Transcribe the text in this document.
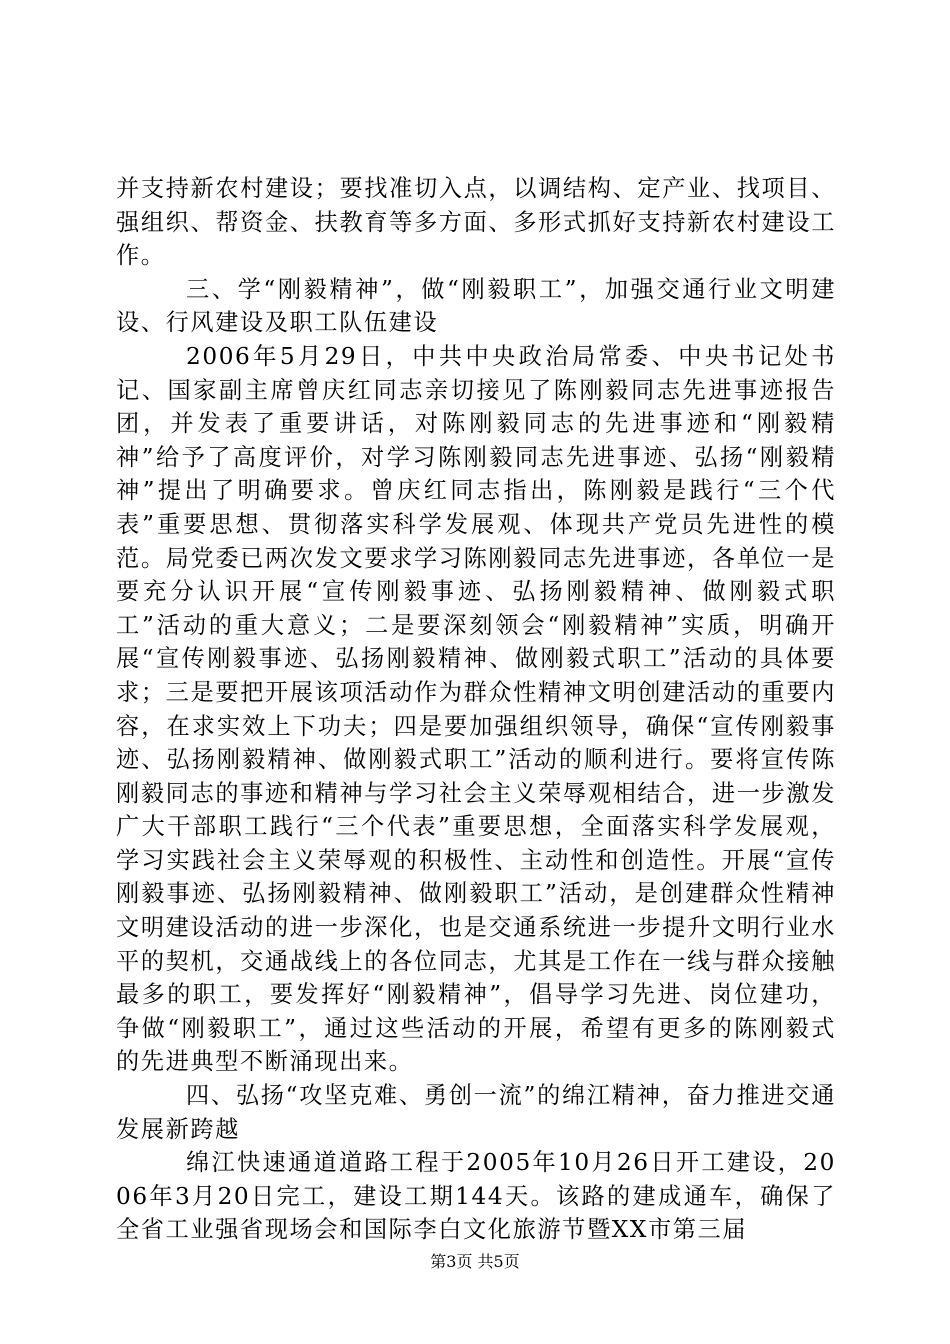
并支持新农村建设；要找准切入点，以调结构、定产业、找项目、强组织、帮资金、扶教育等多方面、多形式抓好支持新农村建设工作。

三、学“刚毅精神”，做“刚毅职工”，加强交通行业文明建设、行风建设及职工队伍建设

2006年5月29日，中共中央政治局常委、中央书记处书记、国家副主席曾庆红同志亲切接见了陈刚毅同志先进事迹报告团，并发表了重要讲话，对陈刚毅同志的先进事迹和“刚毅精神”给予了高度评价，对学习陈刚毅同志先进事迹、弘扬“刚毅精神”提出了明确要求。曾庆红同志指出，陈刚毅是践行“三个代表”重要思想、贯彻落实科学发展观、体现共产党员先进性的模范。局党委已两次发文要求学习陈刚毅同志先进事迹，各单位一是要充分认识开展“宣传刚毅事迹、弘扬刚毅精神、做刚毅式职工”活动的重大意义；二是要深刻领会“刚毅精神”实质，明确开展“宣传刚毅事迹、弘扬刚毅精神、做刚毅式职工”活动的具体要求；三是要把开展该项活动作为群众性精神文明创建活动的重要内容，在求实效上下功夫；四是要加强组织领导，确保“宣传刚毅事迹、弘扬刚毅精神、做刚毅式职工”活动的顺利进行。要将宣传陈刚毅同志的事迹和精神与学习社会主义荣辱观相结合，进一步激发广大干部职工践行“三个代表”重要思想，全面落实科学发展观，学习实践社会主义荣辱观的积极性、主动性和创造性。开展“宣传刚毅事迹、弘扬刚毅精神、做刚毅职工”活动，是创建群众性精神文明建设活动的进一步深化，也是交通系统进一步提升文明行业水平的契机，交通战线上的各位同志，尤其是工作在一线与群众接触最多的职工，要发挥好“刚毅精神”，倡导学习先进、岗位建功，争做“刚毅职工”，通过这些活动的开展，希望有更多的陈刚毅式的先进典型不断涌现出来。

四、弘扬“攻坚克难、勇创一流”的绵江精神，奋力推进交通发展新跨越

绵江快速通道道路工程于2005年10月26日开工建设，2006年3月20日完工，建设工期144天。该路的建成通车，确保了全省工业强省现场会和国际李白文化旅游节暨XX市第三届

第3页 共5页
